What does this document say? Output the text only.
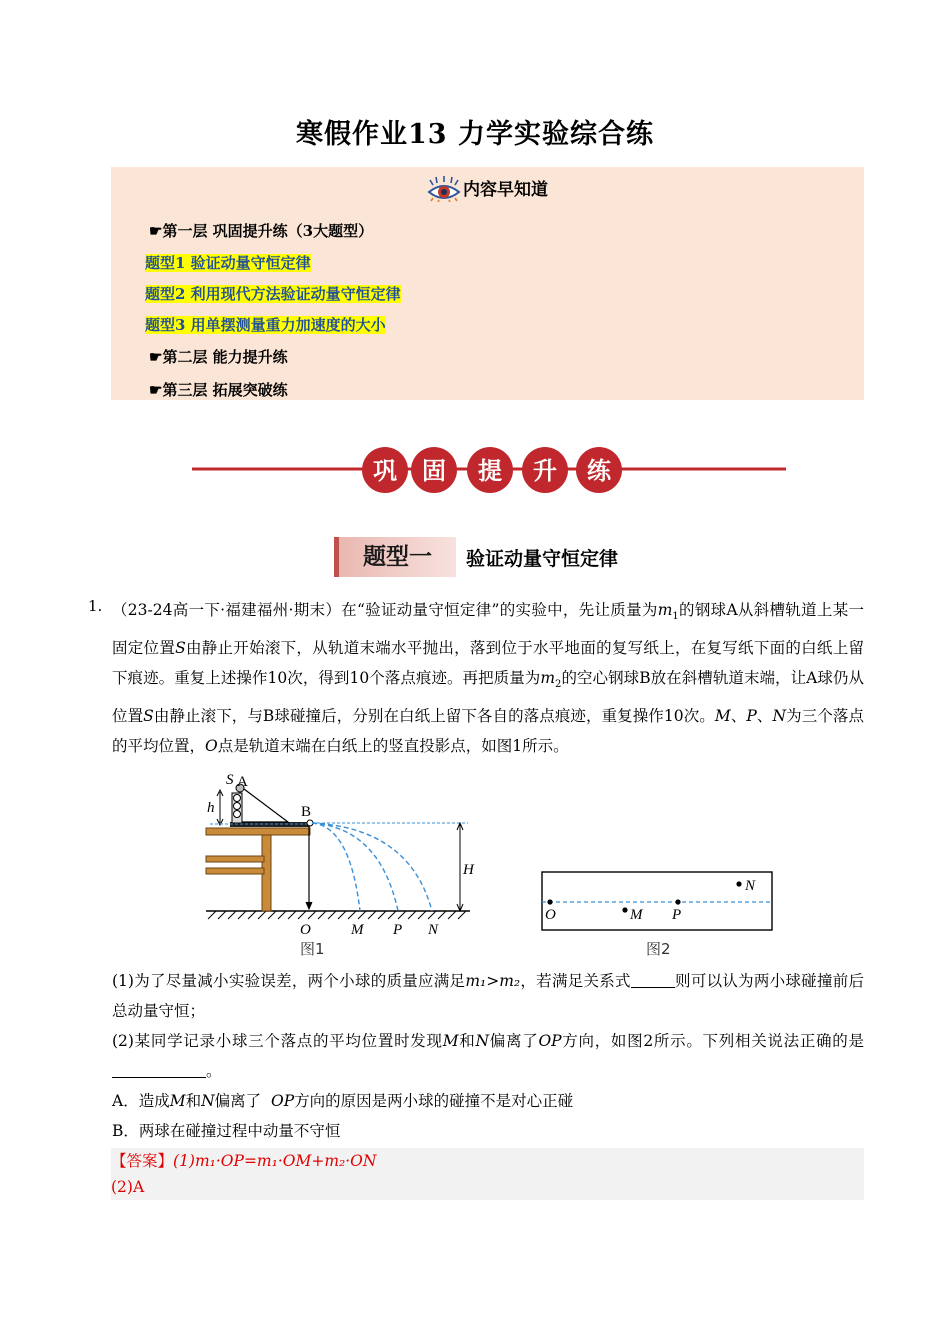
寒假作业13 力学实验综合练
内容早知道
☛第一层 巩固提升练（3大题型）
题型1 验证动量守恒定律
题型2 利用现代方法验证动量守恒定律
题型3 用单摆测量重力加速度的大小
☛第二层 能力提升练
☛第三层 拓展突破练
巩 固 提 升 练
题型一	验证动量守恒定律
1. （23-24高一下·福建福州·期末）在“验证动量守恒定律”的实验中，先让质量为$m_1$的钢球A从斜槽轨道上某一固定位置S由静止开始滚下，从轨道末端水平抛出，落到位于水平地面的复写纸上，在复写纸下面的白纸上留下痕迹。重复上述操作10次，得到10个落点痕迹。再把质量为$m_2$的空心钢球B放在斜槽轨道末端，让A球仍从位置S由静止滚下，与B球碰撞后，分别在白纸上留下各自的落点痕迹，重复操作10次。M、P、N为三个落点的平均位置，O点是轨道末端在白纸上的竖直投影点，如图1所示。
S A
B
h
H
O	M P N
图1
O	M P
N
图2
(1)为了尽量减小实验误差，两个小球的质量应满足m₁>m₂，若满足关系式	则可以认为两小球碰撞前后总动量守恒；
(2)某同学记录小球三个落点的平均位置时发现M和N偏离了OP方向，如图2所示。下列相关说法正确的是。
A．造成M和N偏离了  OP方向的原因是两小球的碰撞不是对心正碰
B．两球在碰撞过程中动量不守恒
【答案】(1)m₁·OP=m₁·OM+m₂·ON
(2)A
